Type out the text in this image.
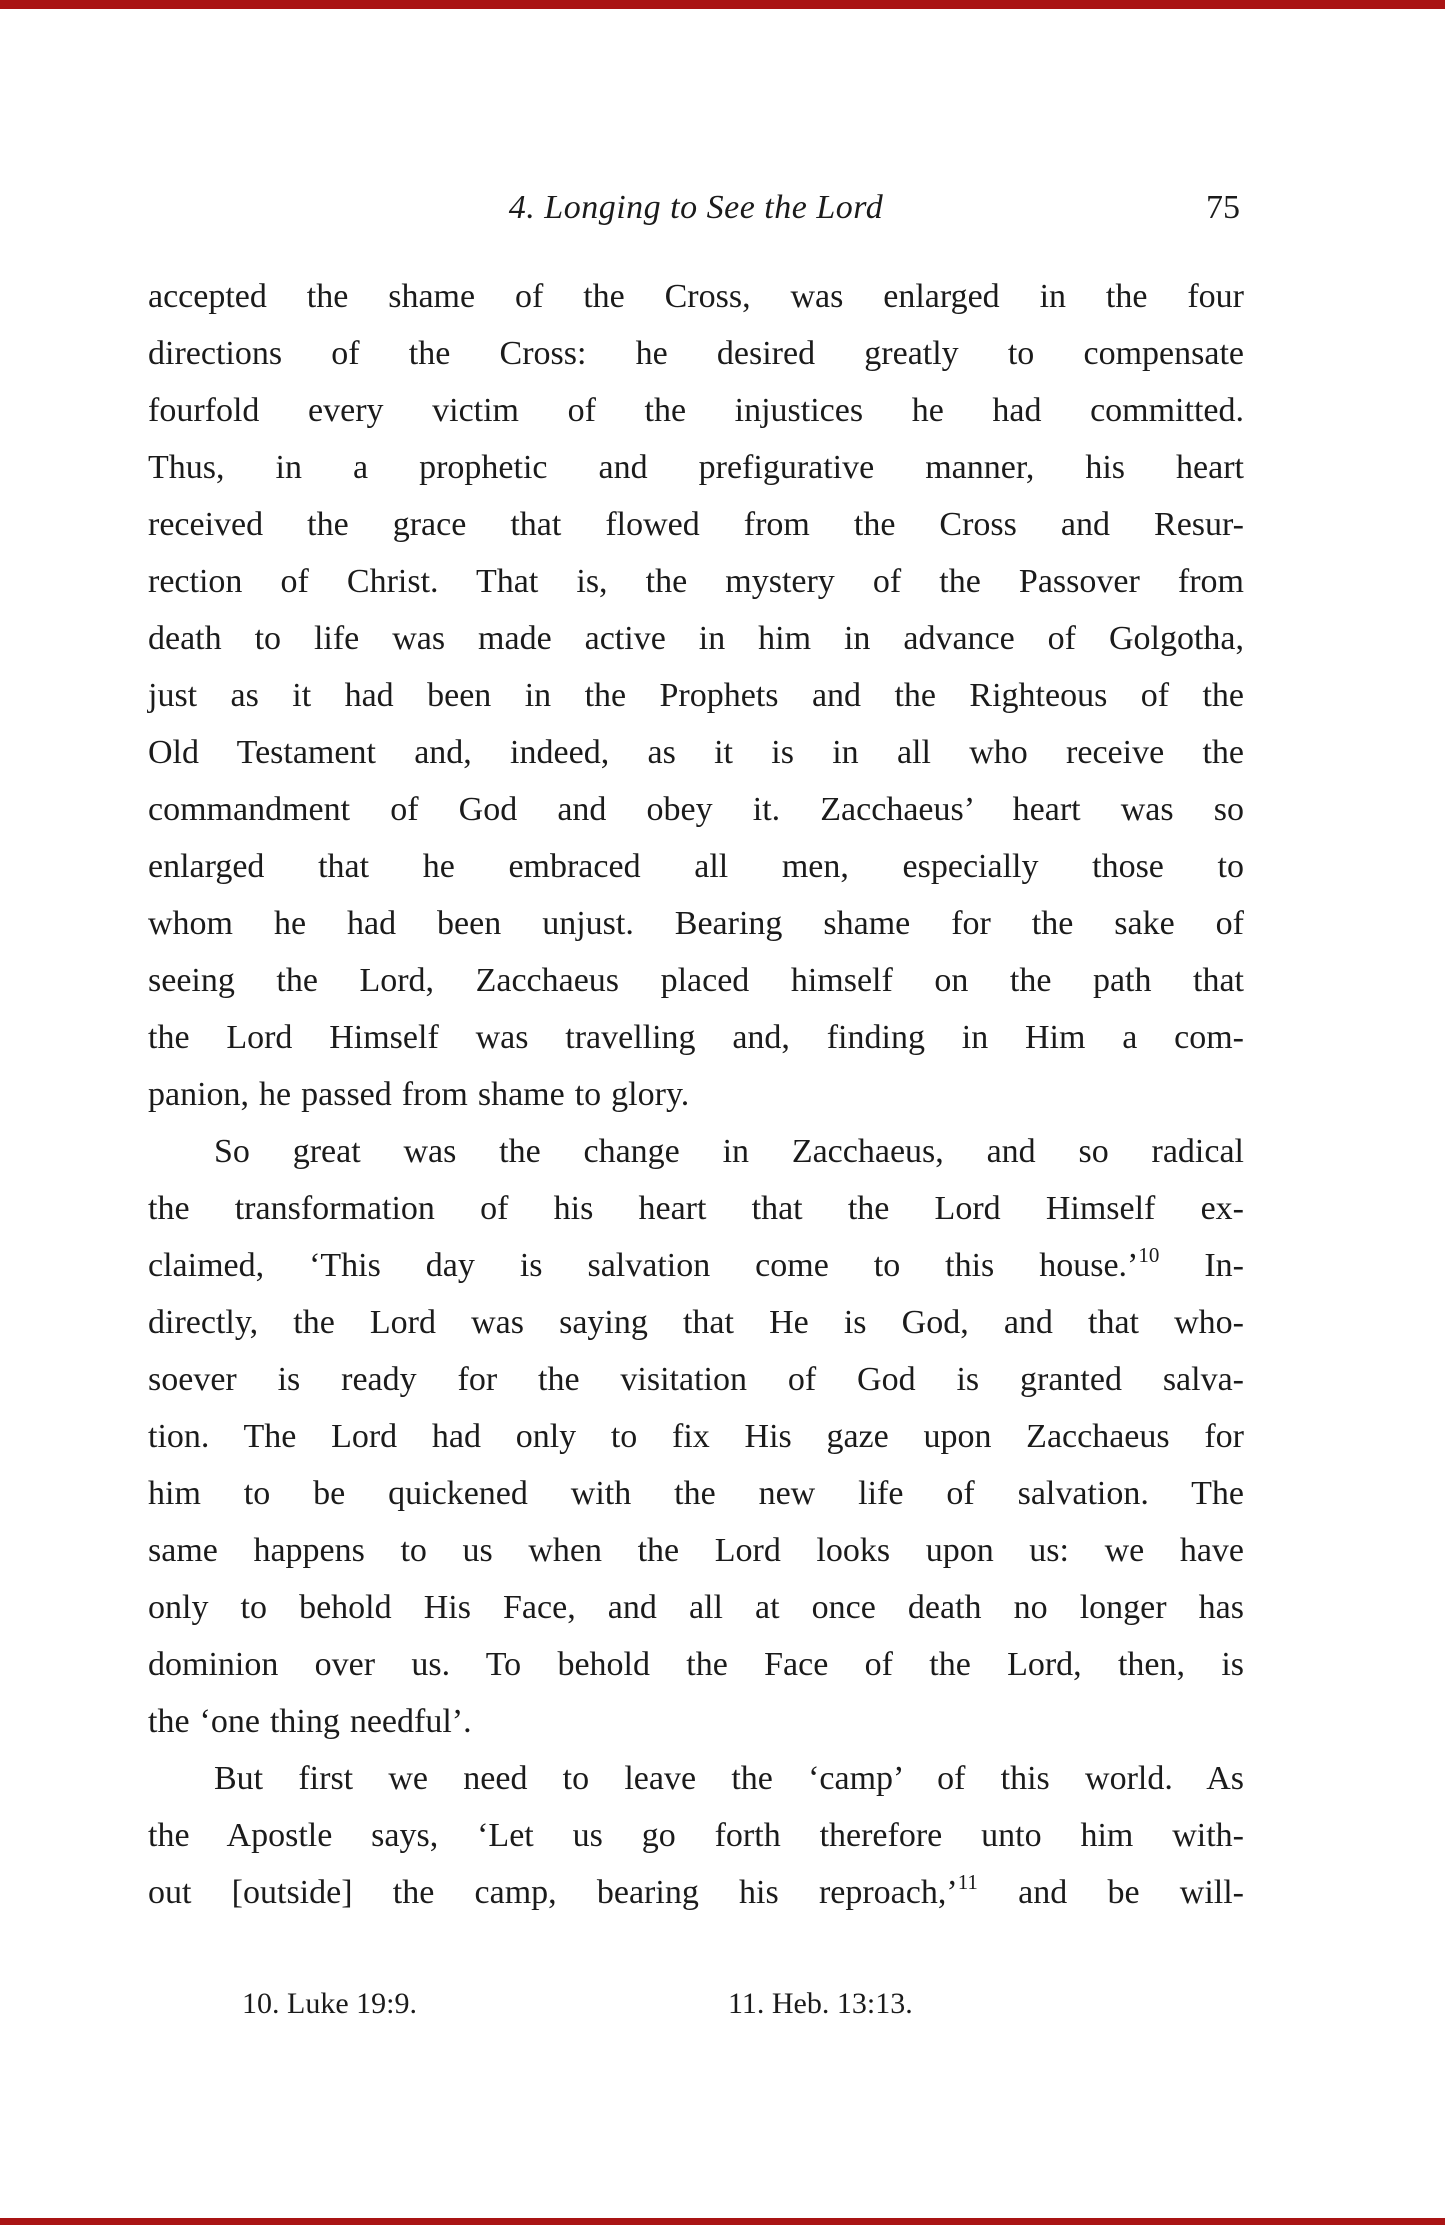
4. Longing to See the Lord	75
accepted the shame of the Cross, was enlarged in the four
directions of the Cross: he desired greatly to compensate
fourfold every victim of the injustices he had committed.
Thus, in a prophetic and prefigurative manner, his heart
received the grace that flowed from the Cross and Resur-
rection of Christ. That is, the mystery of the Passover from
death to life was made active in him in advance of Golgotha,
just as it had been in the Prophets and the Righteous of the
Old Testament and, indeed, as it is in all who receive the
commandment of God and obey it. Zacchaeus’ heart was so
enlarged that he embraced all men, especially those to
whom he had been unjust. Bearing shame for the sake of
seeing the Lord, Zacchaeus placed himself on the path that
the Lord Himself was travelling and, finding in Him a com-
panion, he passed from shame to glory.
So great was the change in Zacchaeus, and so radical
the transformation of his heart that the Lord Himself ex-
claimed, ‘This day is salvation come to this house.’$^{10}$ In-
directly, the Lord was saying that He is God, and that who-
soever is ready for the visitation of God is granted salva-
tion. The Lord had only to fix His gaze upon Zacchaeus for
him to be quickened with the new life of salvation. The
same happens to us when the Lord looks upon us: we have
only to behold His Face, and all at once death no longer has
dominion over us. To behold the Face of the Lord, then, is
the ‘one thing needful’.
But first we need to leave the ‘camp’ of this world. As
the Apostle says, ‘Let us go forth therefore unto him with-
out [outside] the camp, bearing his reproach,’$^{11}$ and be will-
10. Luke 19:9.	11. Heb. 13:13.
